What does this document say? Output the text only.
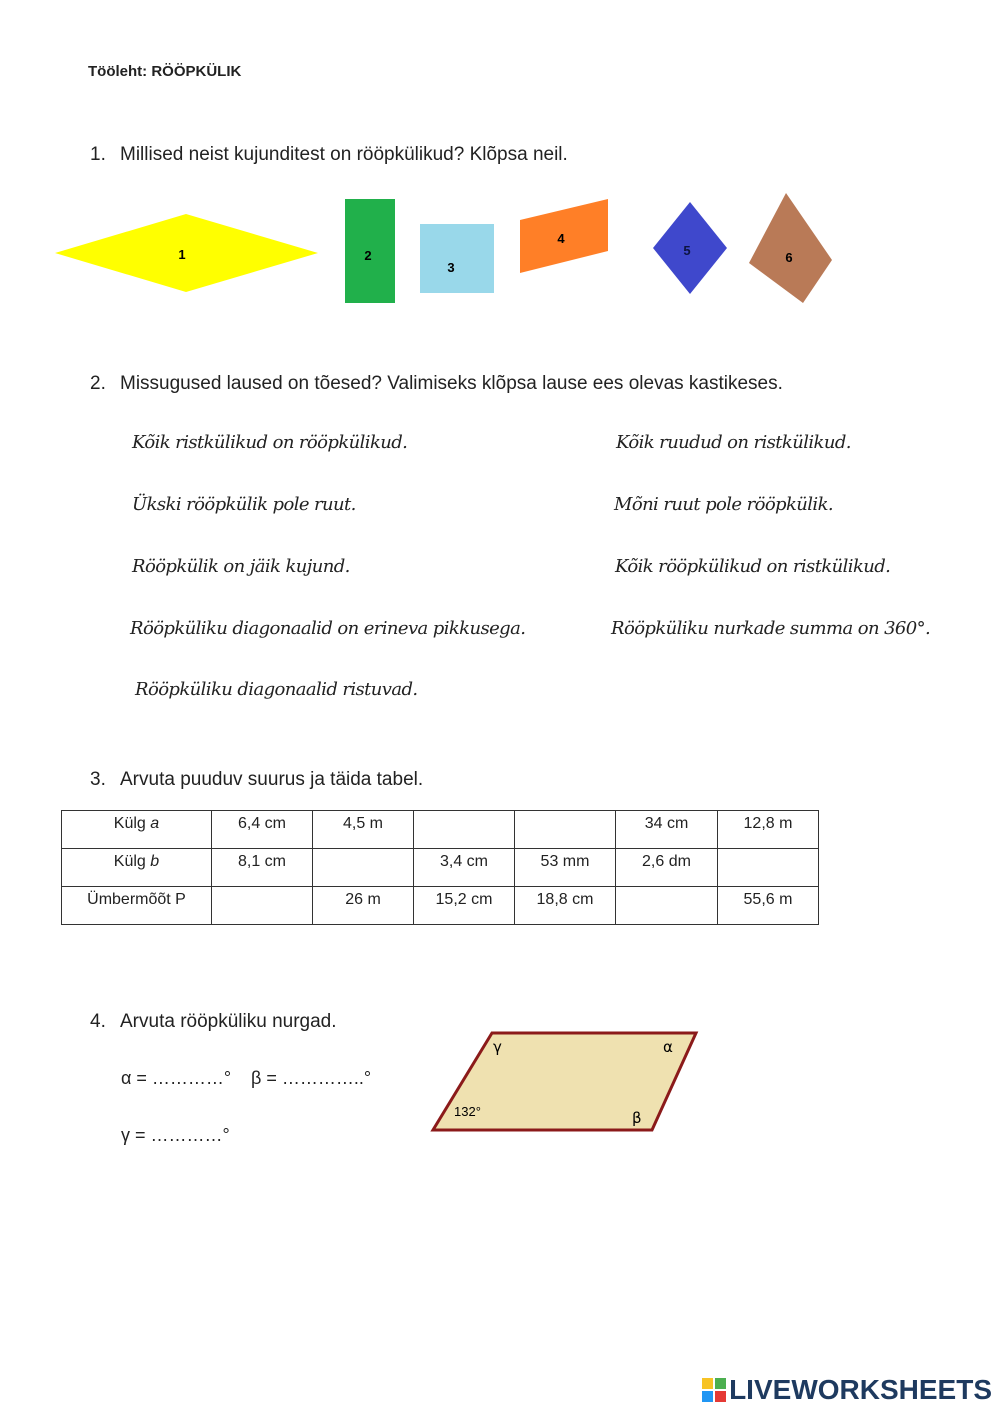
Tööleht: RÖÖPKÜLIK
1. Millised neist kujunditest on rööpkülikud? Klõpsa neil.
1	2
3
4
5	6
2. Missugused laused on tõesed? Valimiseks klõpsa lause ees olevas kastikeses.
Kõik ristkülikud on rööpkülikud.	Kõik ruudud on ristkülikud.
Ükski rööpkülik pole ruut.	Mõni ruut pole rööpkülik.
Rööpkülik on jäik kujund.	Kõik rööpkülikud on ristkülikud.
Rööpküliku diagonaalid on erineva pikkusega.	Rööpküliku nurkade summa on 360°.
Rööpküliku diagonaalid ristuvad.
3. Arvuta puuduv suurus ja täida tabel.
Külg a	6,4 cm	4,5 m			34 cm	12,8 m
Külg b	8,1 cm		3,4 cm	53 mm	2,6 dm	
Ümbermõõt P		26 m	15,2 cm	18,8 cm		55,6 m
4. Arvuta rööpküliku nurgad.
α = …………° β = …………..°
γ = …………°
γ	α
β
132°
LIVEWORKSHEETS
